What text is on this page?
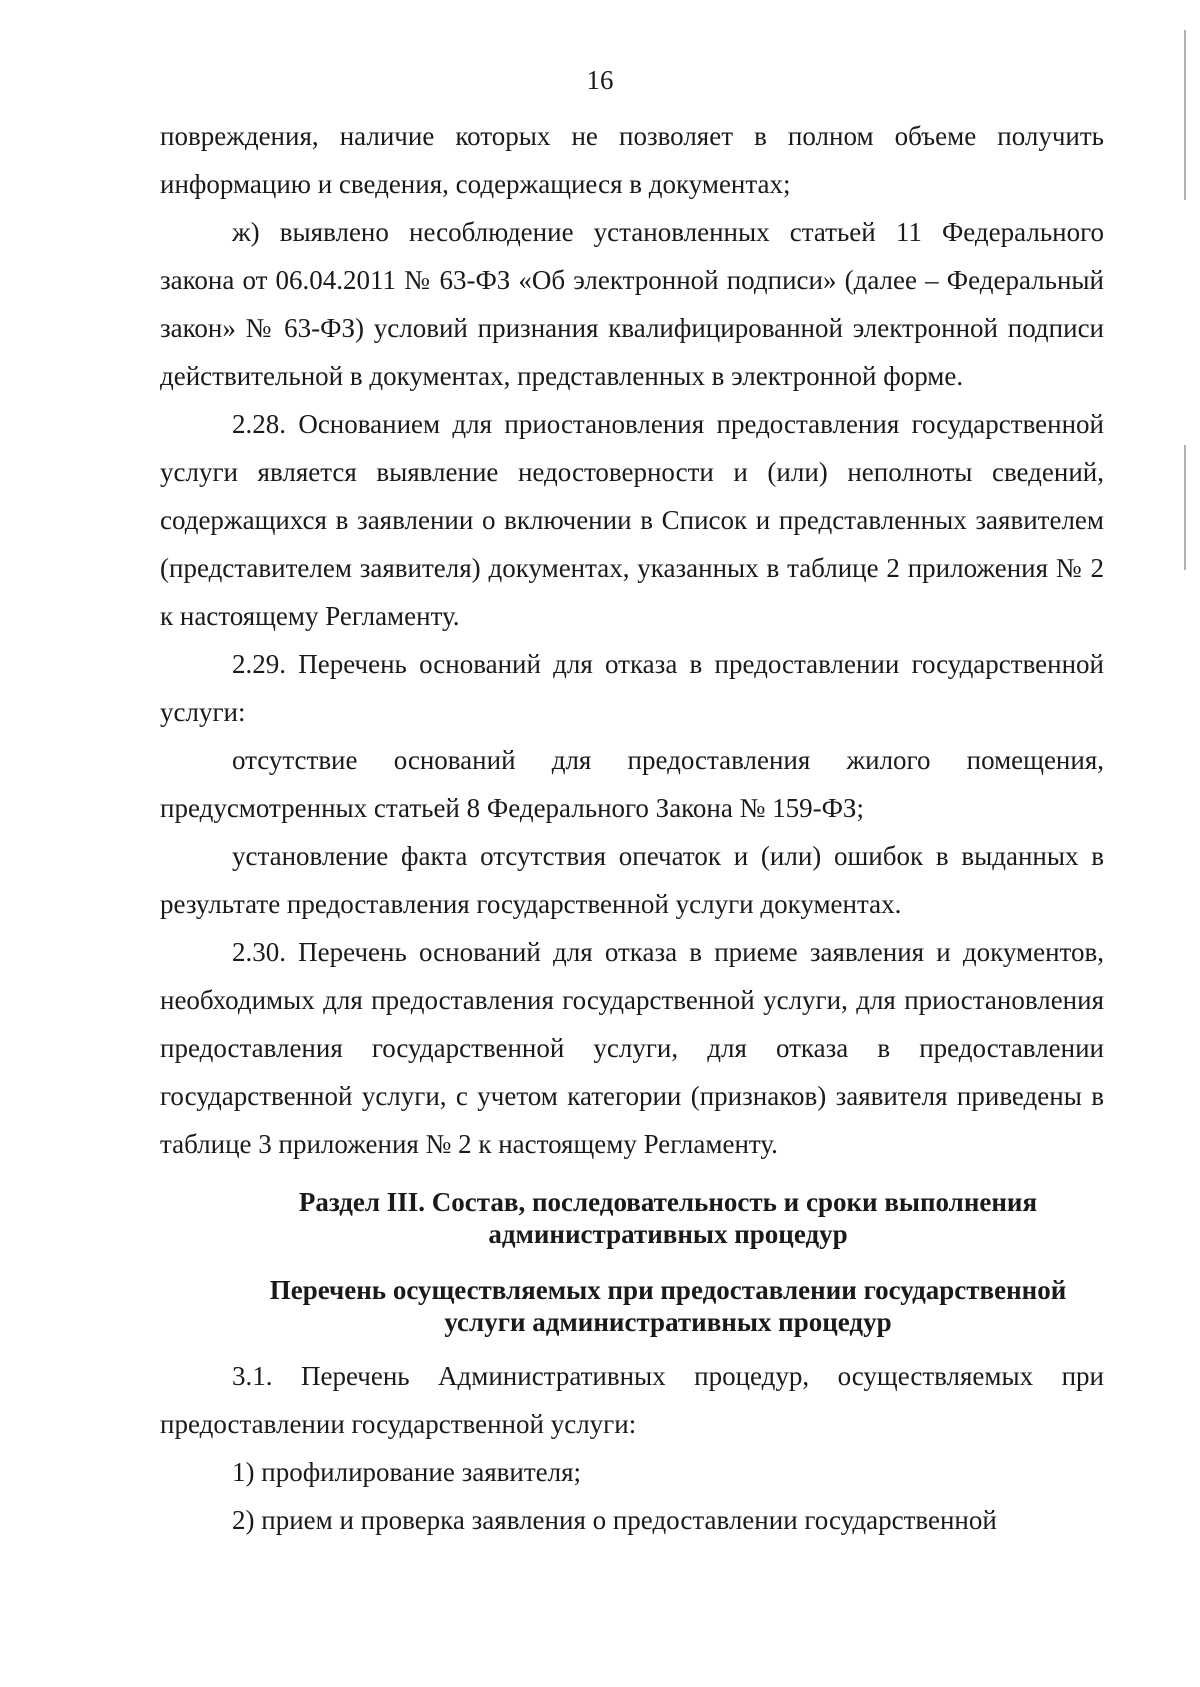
16

повреждения, наличие которых не позволяет в полном объеме получить информацию и сведения, содержащиеся в документах;

ж) выявлено несоблюдение установленных статьей 11 Федерального закона от 06.04.2011 № 63-ФЗ «Об электронной подписи» (далее – Федеральный закон» № 63-ФЗ) условий признания квалифицированной электронной подписи действительной в документах, представленных в электронной форме.

2.28. Основанием для приостановления предоставления государственной услуги является выявление недостоверности и (или) неполноты сведений, содержащихся в заявлении о включении в Список и представленных заявителем (представителем заявителя) документах, указанных в таблице 2 приложения № 2 к настоящему Регламенту.

2.29. Перечень оснований для отказа в предоставлении государственной услуги:

отсутствие оснований для предоставления жилого помещения, предусмотренных статьей 8 Федерального Закона № 159-ФЗ;

установление факта отсутствия опечаток и (или) ошибок в выданных в результате предоставления государственной услуги документах.

2.30. Перечень оснований для отказа в приеме заявления и документов, необходимых для предоставления государственной услуги, для приостановления предоставления государственной услуги, для отказа в предоставлении государственной услуги, с учетом категории (признаков) заявителя приведены в таблице 3 приложения № 2 к настоящему Регламенту.

Раздел III. Состав, последовательность и сроки выполнения
административных процедур
Перечень осуществляемых при предоставлении государственной
услуги административных процедур

3.1. Перечень Административных процедур, осуществляемых при предоставлении государственной услуги:

1) профилирование заявителя;

2) прием и проверка заявления о предоставлении государственной
